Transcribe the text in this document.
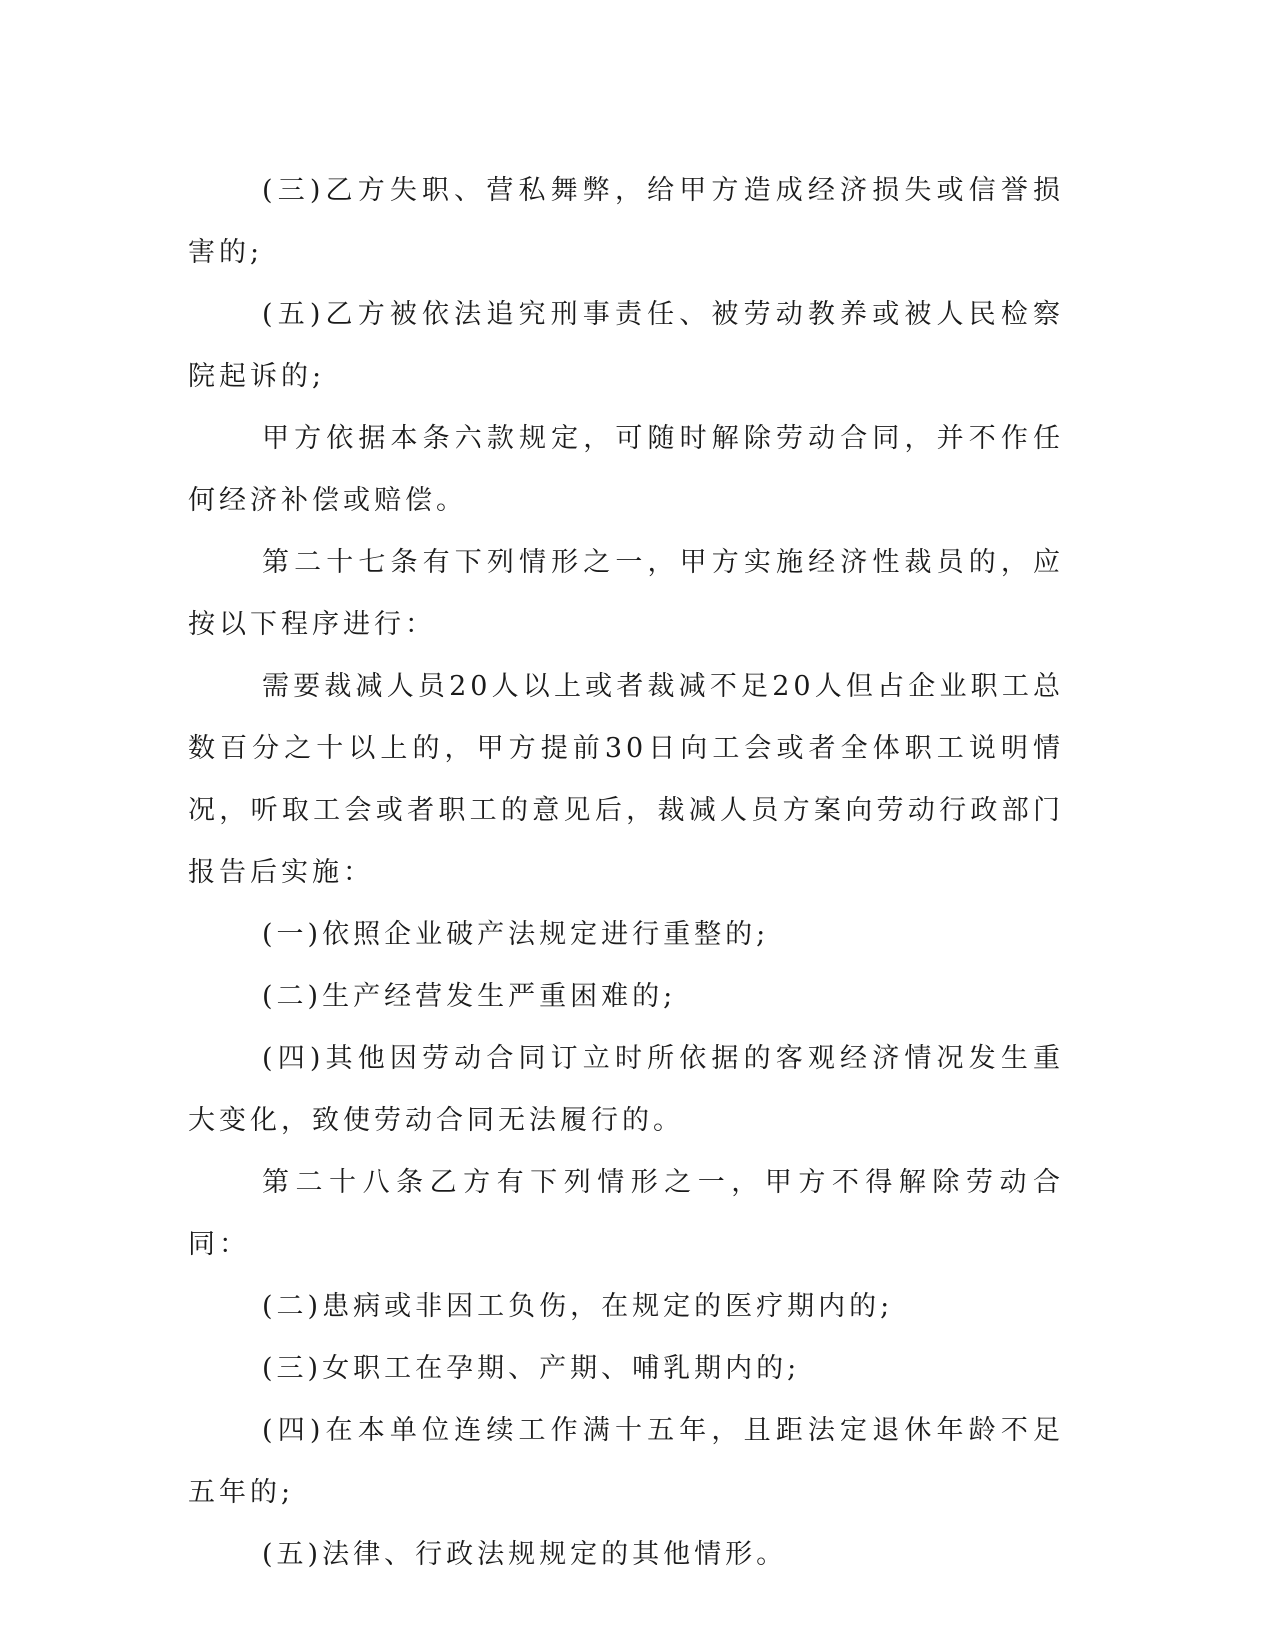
(三)乙方失职、营私舞弊，给甲方造成经济损失或信誉损害的;

(五)乙方被依法追究刑事责任、被劳动教养或被人民检察院起诉的;

甲方依据本条六款规定，可随时解除劳动合同，并不作任何经济补偿或赔偿。

第二十七条有下列情形之一，甲方实施经济性裁员的，应按以下程序进行：

需要裁减人员20人以上或者裁减不足20人但占企业职工总数百分之十以上的，甲方提前30日向工会或者全体职工说明情况，听取工会或者职工的意见后，裁减人员方案向劳动行政部门报告后实施：

(一)依照企业破产法规定进行重整的;

(二)生产经营发生严重困难的;

(四)其他因劳动合同订立时所依据的客观经济情况发生重大变化，致使劳动合同无法履行的。

第二十八条乙方有下列情形之一，甲方不得解除劳动合同：

(二)患病或非因工负伤，在规定的医疗期内的;

(三)女职工在孕期、产期、哺乳期内的;

(四)在本单位连续工作满十五年，且距法定退休年龄不足五年的;

(五)法律、行政法规规定的其他情形。
